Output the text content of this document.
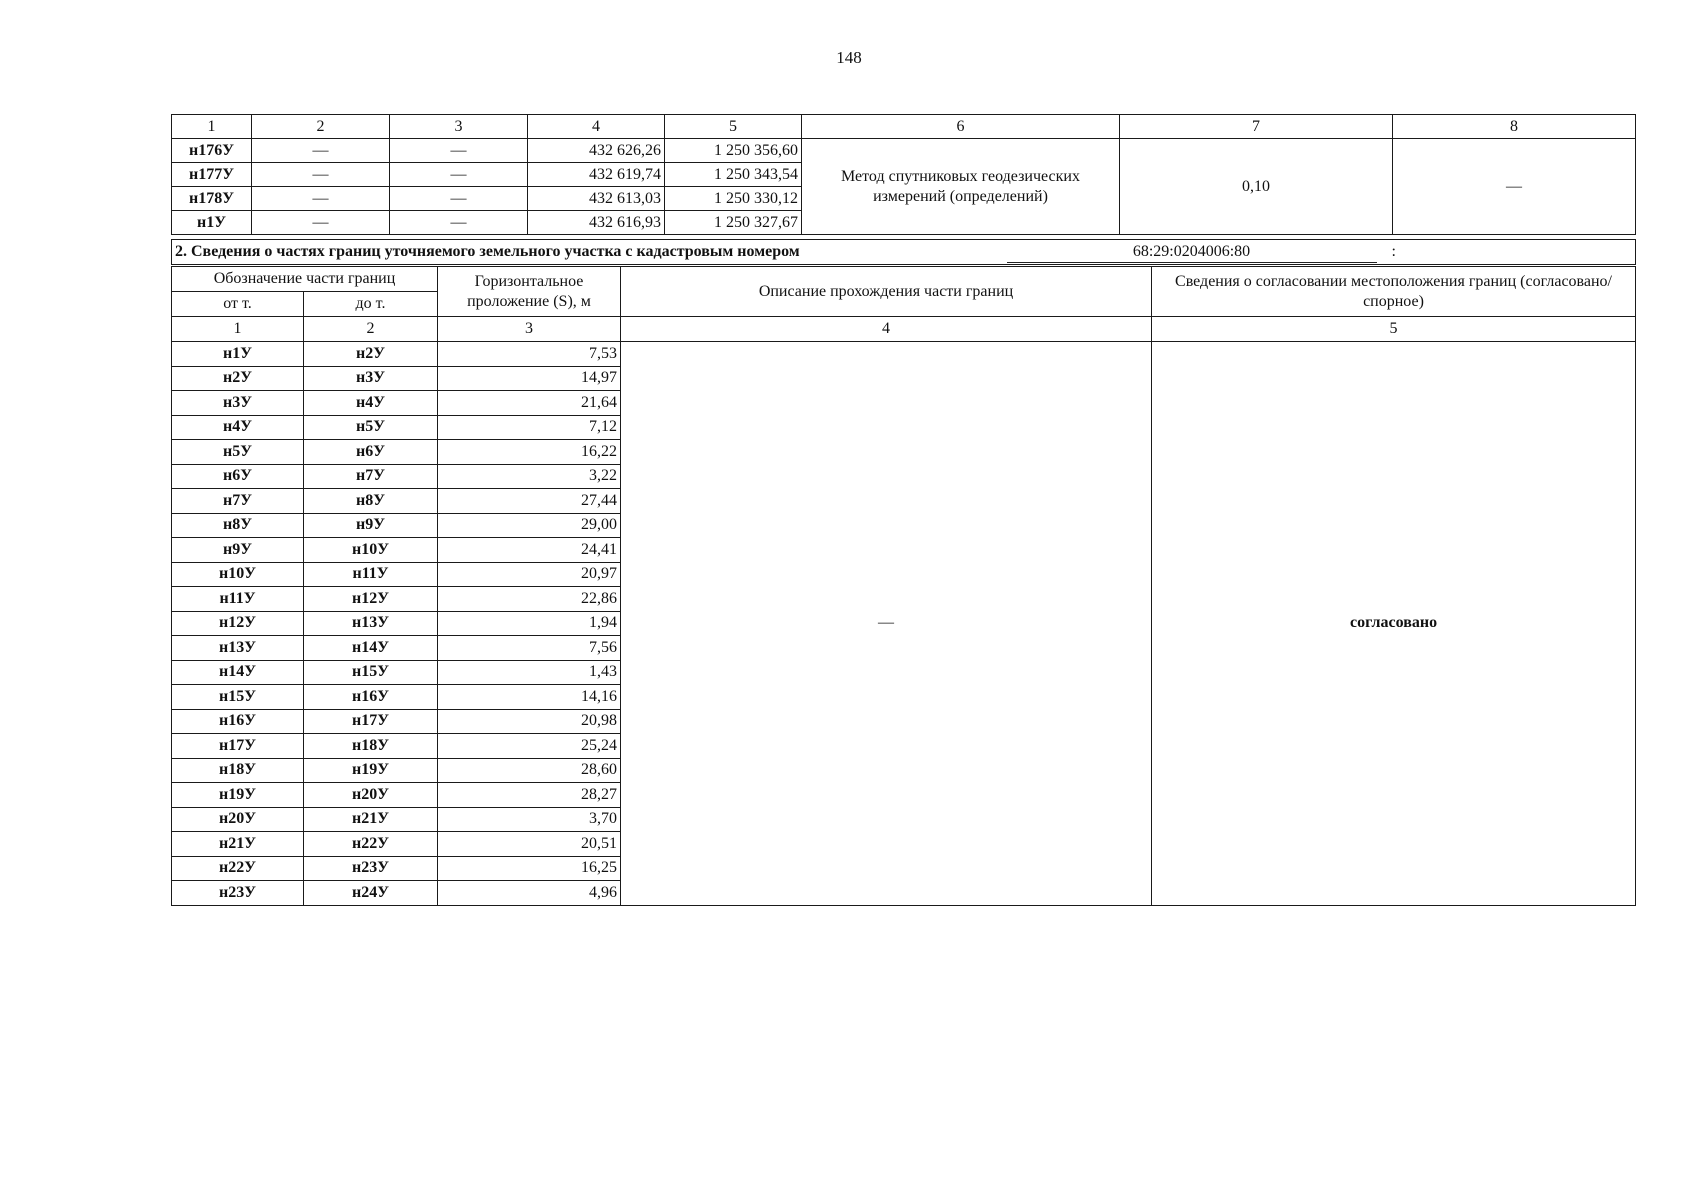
148
1	2	3	4	5	6	7	8
н176У	—	—	432 626,26	1 250 356,60	Метод спутниковых геодезических измерений (определений)	0,10	—
н177У	—	—	432 619,74	1 250 343,54			
н178У	—	—	432 613,03	1 250 330,12			
н1У	—	—	432 616,93	1 250 327,67			
2. Сведения о частях границ уточняемого земельного участка с кадастровым номером	68:29:0204006:80	:
Обозначение части границ		Горизонтальное проложение (S), м	Описание прохождения части границ	Сведения о согласовании местоположения границ (согласовано/спорное)
от т.	до т.			
1	2	3	4	5
н1У	н2У	7,53	—	согласовано
н2У	н3У	14,97		
н3У	н4У	21,64		
н4У	н5У	7,12		
н5У	н6У	16,22		
н6У	н7У	3,22		
н7У	н8У	27,44		
н8У	н9У	29,00		
н9У	н10У	24,41		
н10У	н11У	20,97		
н11У	н12У	22,86		
н12У	н13У	1,94		
н13У	н14У	7,56		
н14У	н15У	1,43		
н15У	н16У	14,16		
н16У	н17У	20,98		
н17У	н18У	25,24		
н18У	н19У	28,60		
н19У	н20У	28,27		
н20У	н21У	3,70		
н21У	н22У	20,51		
н22У	н23У	16,25		
н23У	н24У	4,96		
